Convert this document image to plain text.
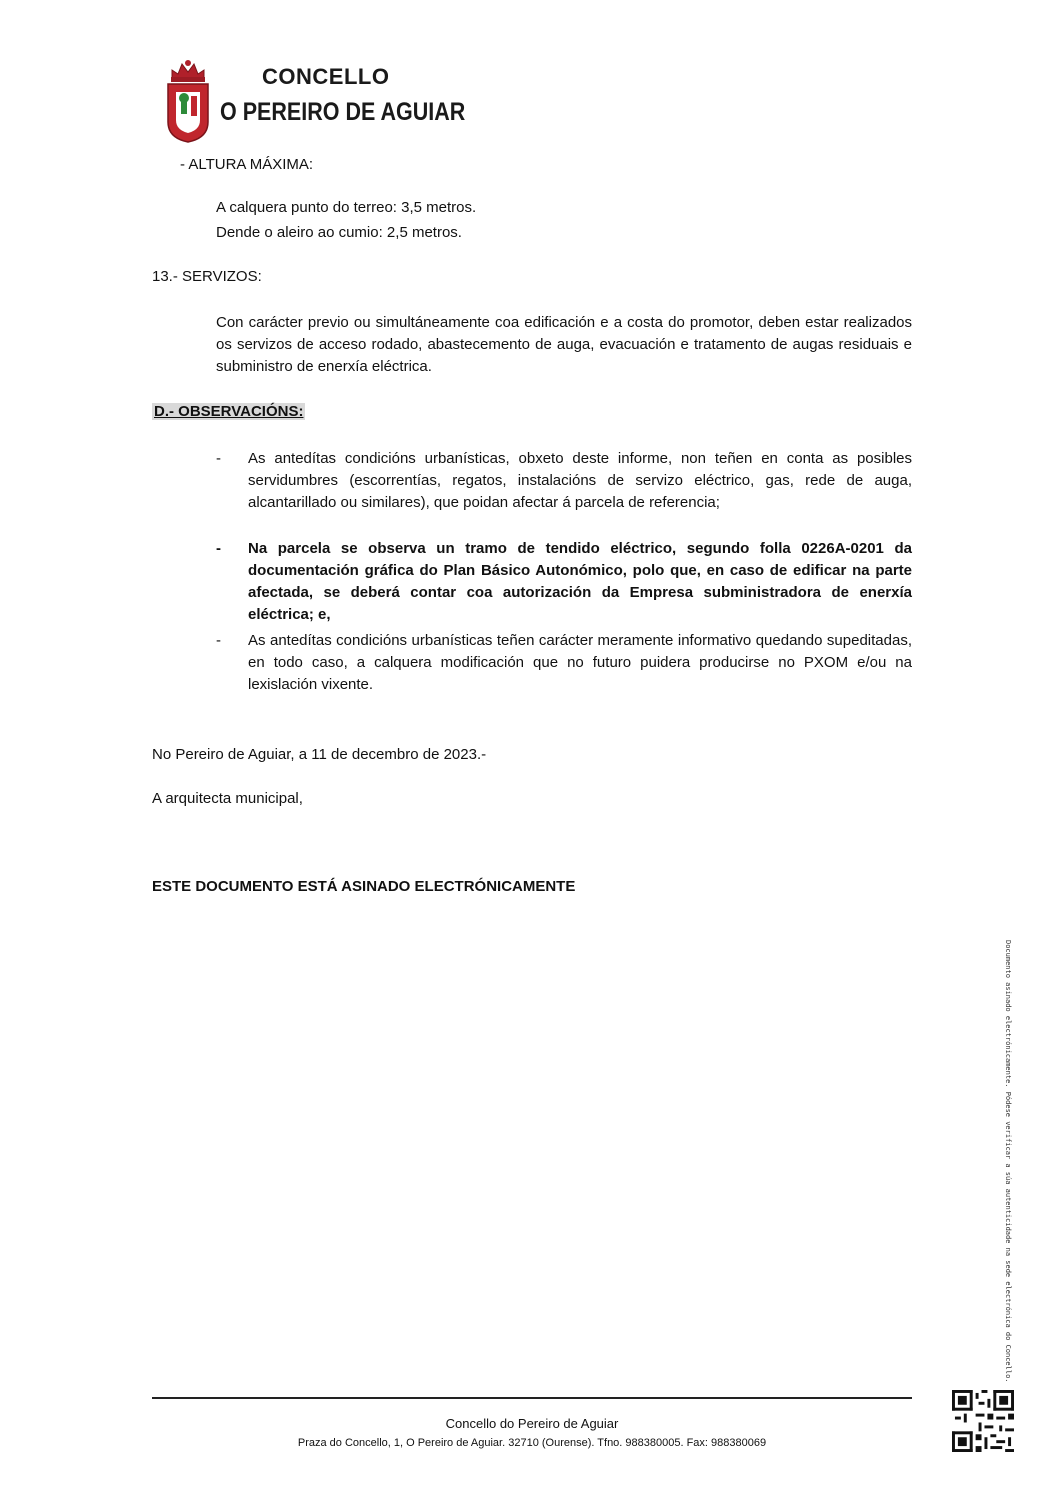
CONCELLO
O PEREIRO DE AGUIAR
- ALTURA MÁXIMA:
A calquera punto do terreo: 3,5 metros.
Dende o aleiro ao cumio: 2,5 metros.
13.- SERVIZOS:
Con carácter previo ou simultáneamente coa edificación e a costa do promotor, deben estar realizados os servizos de acceso rodado, abastecemento de auga, evacuación e tratamento de augas residuais e subministro de enerxía eléctrica.
D.- OBSERVACIÓNS:
- As antedítas condicións urbanísticas, obxeto deste informe, non teñen en conta as posibles servidumbres (escorrentías, regatos, instalacións de servizo eléctrico, gas, rede de auga, alcantarillado ou similares), que poidan afectar á parcela de referencia;
- Na parcela se observa un tramo de tendido eléctrico, segundo folla 0226A-0201 da documentación gráfica do Plan Básico Autonómico, polo que, en caso de edificar na parte afectada, se deberá contar coa autorización da Empresa subministradora de enerxía eléctrica; e,
- As antedítas condicións urbanísticas teñen carácter meramente informativo quedando supeditadas, en todo caso, a calquera modificación que no futuro puidera producirse no PXOM e/ou na lexislación vixente.
No Pereiro de Aguiar, a 11 de decembro de 2023.-
A arquitecta municipal,
ESTE DOCUMENTO ESTÁ ASINADO ELECTRÓNICAMENTE
Documento asinado electrónicamente. Pódese verificar a súa autenticidade na sede electrónica do Concello.
Concello do Pereiro de Aguiar
Praza do Concello, 1, O Pereiro de Aguiar. 32710 (Ourense). Tfno. 988380005. Fax: 988380069
